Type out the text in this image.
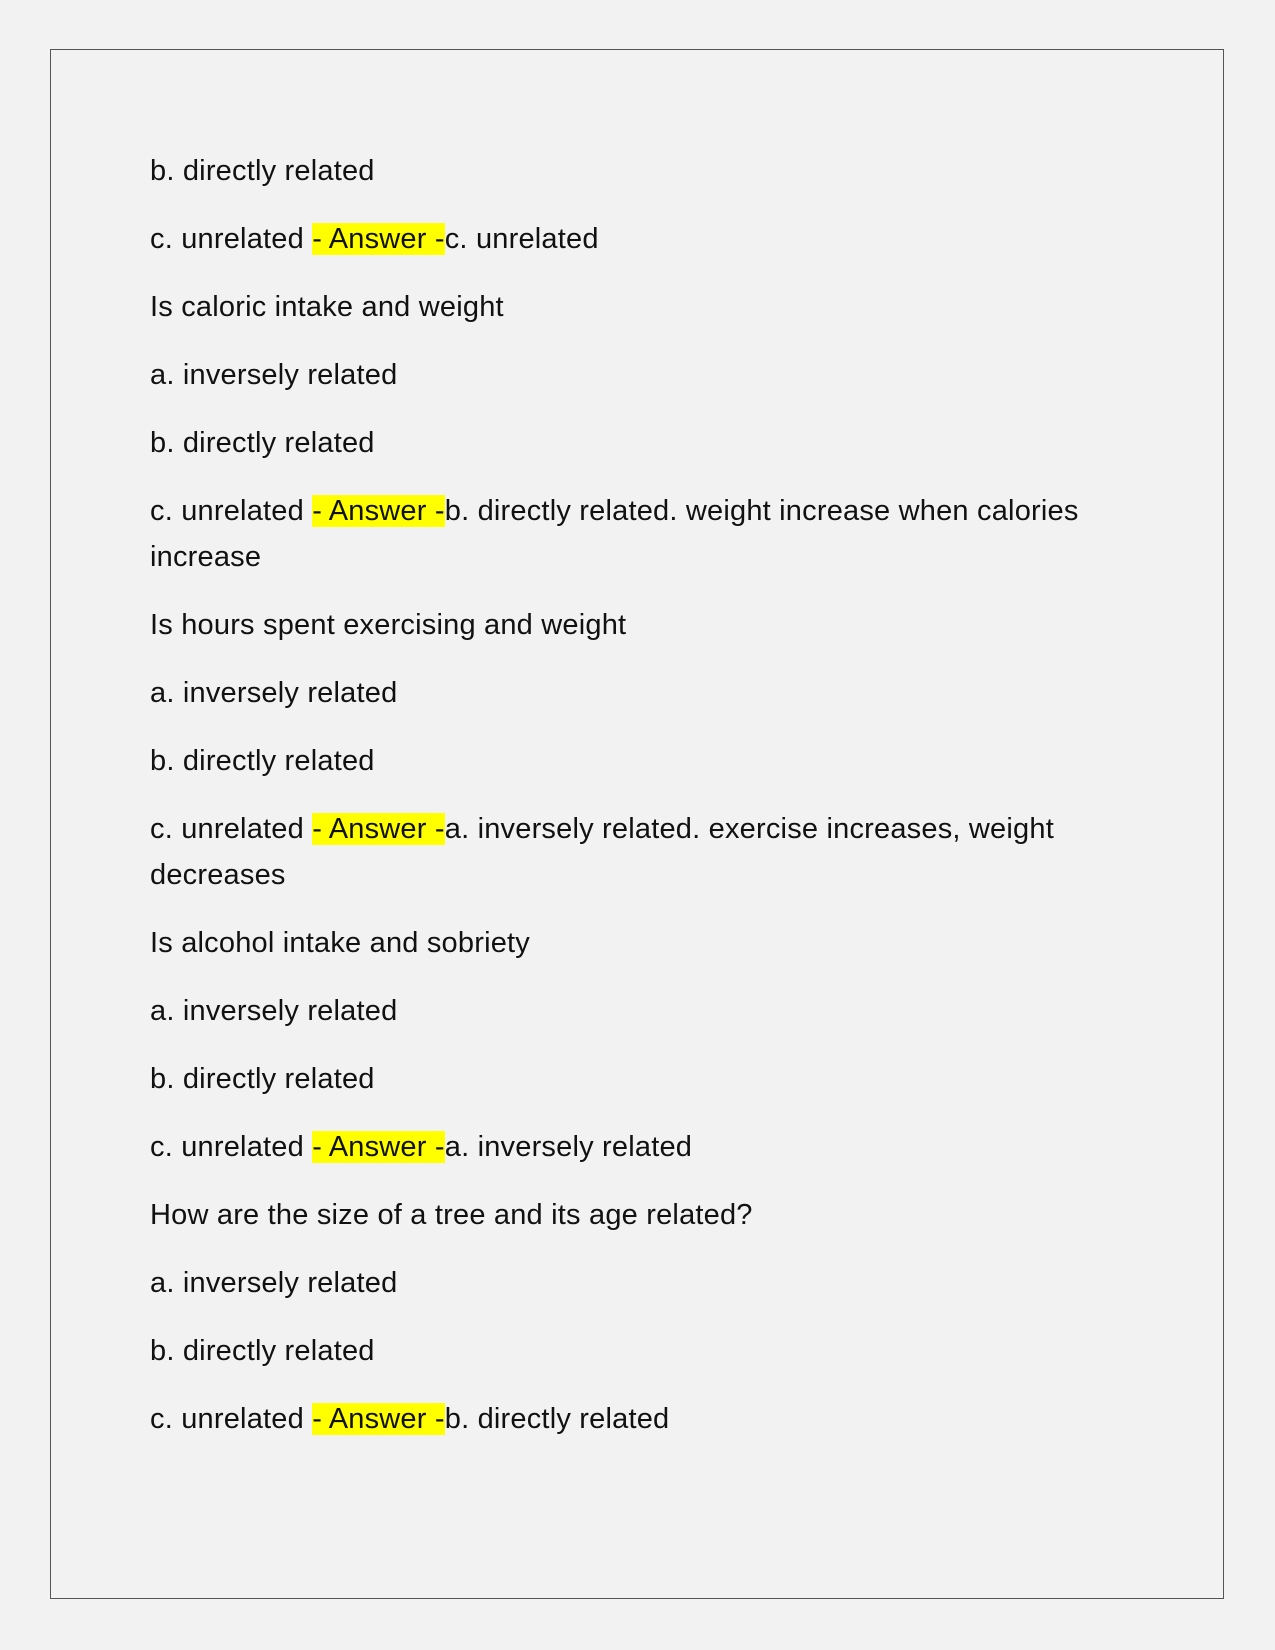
b. directly related

c. unrelated - Answer -c. unrelated

Is caloric intake and weight

a. inversely related

b. directly related

c. unrelated - Answer -b. directly related. weight increase when calories increase

Is hours spent exercising and weight

a. inversely related

b. directly related

c. unrelated - Answer -a. inversely related. exercise increases, weight decreases

Is alcohol intake and sobriety

a. inversely related

b. directly related

c. unrelated - Answer -a. inversely related

How are the size of a tree and its age related?

a. inversely related

b. directly related

c. unrelated - Answer -b. directly related
